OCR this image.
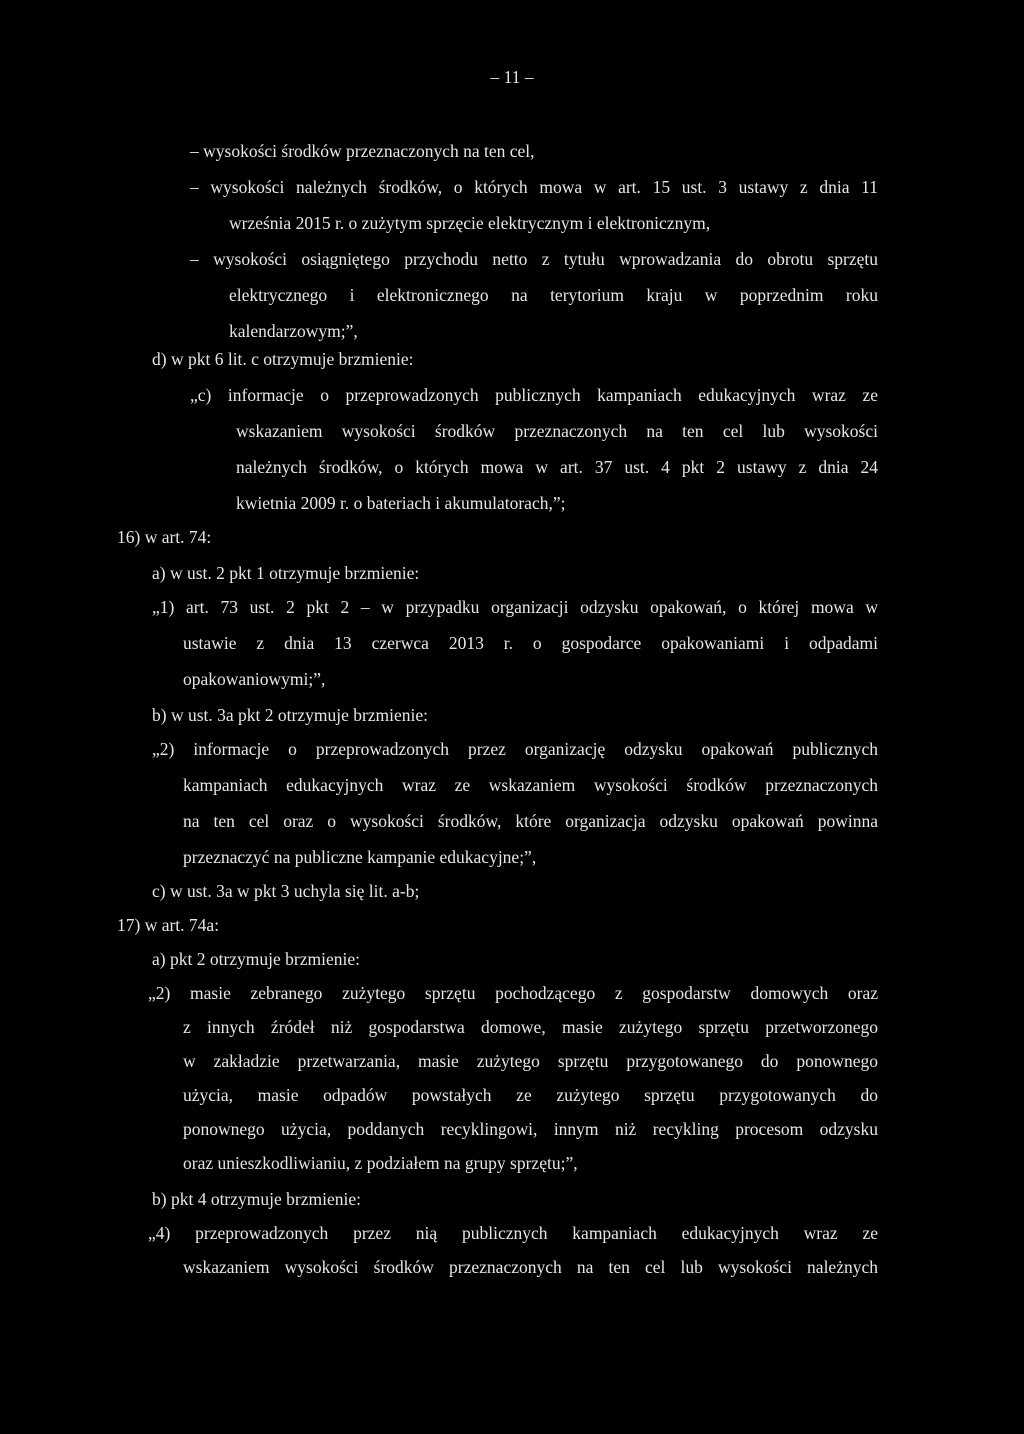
– 11 –
– wysokości środków przeznaczonych na ten cel,
– wysokości należnych środków, o których mowa w art. 15 ust. 3 ustawy z dnia 11
września 2015 r. o zużytym sprzęcie elektrycznym i elektronicznym,
– wysokości osiągniętego przychodu netto z tytułu wprowadzania do obrotu sprzętu
elektrycznego i elektronicznego na terytorium kraju w poprzednim roku
kalendarzowym;”,
d) w pkt 6 lit. c otrzymuje brzmienie:
„c) informacje o przeprowadzonych publicznych kampaniach edukacyjnych wraz ze
wskazaniem wysokości środków przeznaczonych na ten cel lub wysokości
należnych środków, o których mowa w art. 37 ust. 4 pkt 2 ustawy z dnia 24
kwietnia 2009 r. o bateriach i akumulatorach,”;
16) w art. 74:
a) w ust. 2 pkt 1 otrzymuje brzmienie:
„1) art. 73 ust. 2 pkt 2 – w przypadku organizacji odzysku opakowań, o której mowa w
ustawie z dnia 13 czerwca 2013 r. o gospodarce opakowaniami i odpadami
opakowaniowymi;”,
b) w ust. 3a pkt 2 otrzymuje brzmienie:
„2) informacje o przeprowadzonych przez organizację odzysku opakowań publicznych
kampaniach edukacyjnych wraz ze wskazaniem wysokości środków przeznaczonych
na ten cel oraz o wysokości środków, które organizacja odzysku opakowań powinna
przeznaczyć na publiczne kampanie edukacyjne;”,
c) w ust. 3a w pkt 3 uchyla się lit. a-b;
17) w art. 74a:
a) pkt 2 otrzymuje brzmienie:
„2) masie zebranego zużytego sprzętu pochodzącego z gospodarstw domowych oraz
z innych źródeł niż gospodarstwa domowe, masie zużytego sprzętu przetworzonego
w zakładzie przetwarzania, masie zużytego sprzętu przygotowanego do ponownego
użycia, masie odpadów powstałych ze zużytego sprzętu przygotowanych do
ponownego użycia, poddanych recyklingowi, innym niż recykling procesom odzysku
oraz unieszkodliwianiu, z podziałem na grupy sprzętu;”,
b) pkt 4 otrzymuje brzmienie:
„4) przeprowadzonych przez nią publicznych kampaniach edukacyjnych wraz ze
wskazaniem wysokości środków przeznaczonych na ten cel lub wysokości należnych
